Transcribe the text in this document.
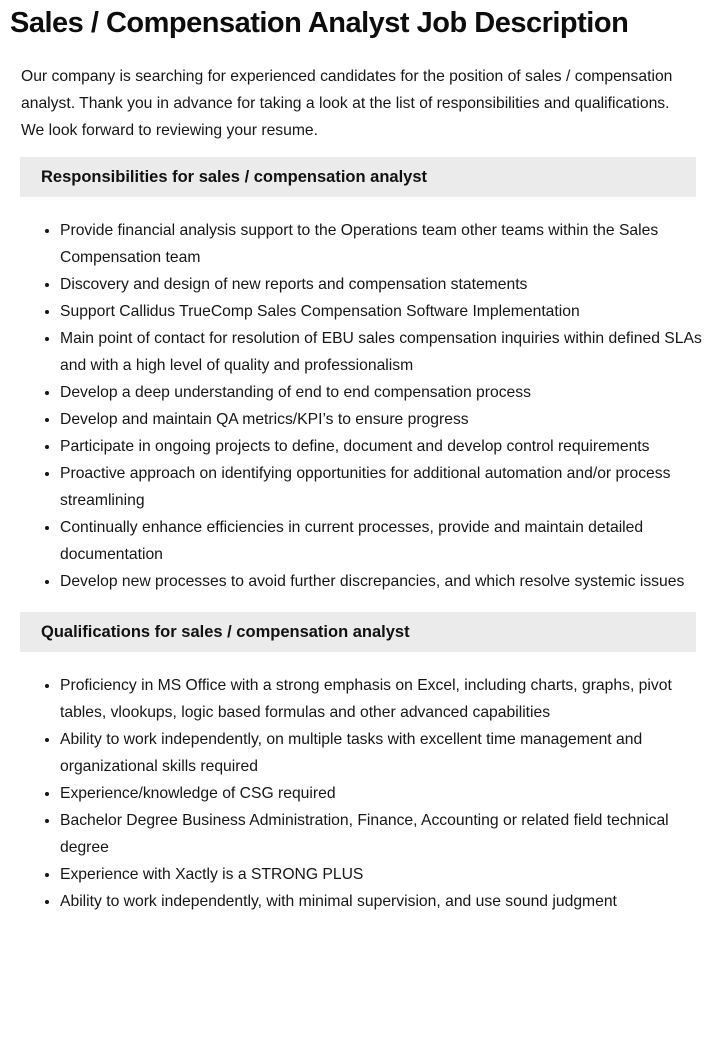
Sales / Compensation Analyst Job Description

Our company is searching for experienced candidates for the position of sales / compensation analyst. Thank you in advance for taking a look at the list of responsibilities and qualifications. We look forward to reviewing your resume.

Responsibilities for sales / compensation analyst
• Provide financial analysis support to the Operations team other teams within the Sales Compensation team
• Discovery and design of new reports and compensation statements
• Support Callidus TrueComp Sales Compensation Software Implementation
• Main point of contact for resolution of EBU sales compensation inquiries within defined SLAs and with a high level of quality and professionalism
• Develop a deep understanding of end to end compensation process
• Develop and maintain QA metrics/KPI’s to ensure progress
• Participate in ongoing projects to define, document and develop control requirements
• Proactive approach on identifying opportunities for additional automation and/or process streamlining
• Continually enhance efficiencies in current processes, provide and maintain detailed documentation
• Develop new processes to avoid further discrepancies, and which resolve systemic issues
Qualifications for sales / compensation analyst
• Proficiency in MS Office with a strong emphasis on Excel, including charts, graphs, pivot tables, vlookups, logic based formulas and other advanced capabilities
• Ability to work independently, on multiple tasks with excellent time management and organizational skills required
• Experience/knowledge of CSG required
• Bachelor Degree Business Administration, Finance, Accounting or related field technical degree
• Experience with Xactly is a STRONG PLUS
• Ability to work independently, with minimal supervision, and use sound judgment
